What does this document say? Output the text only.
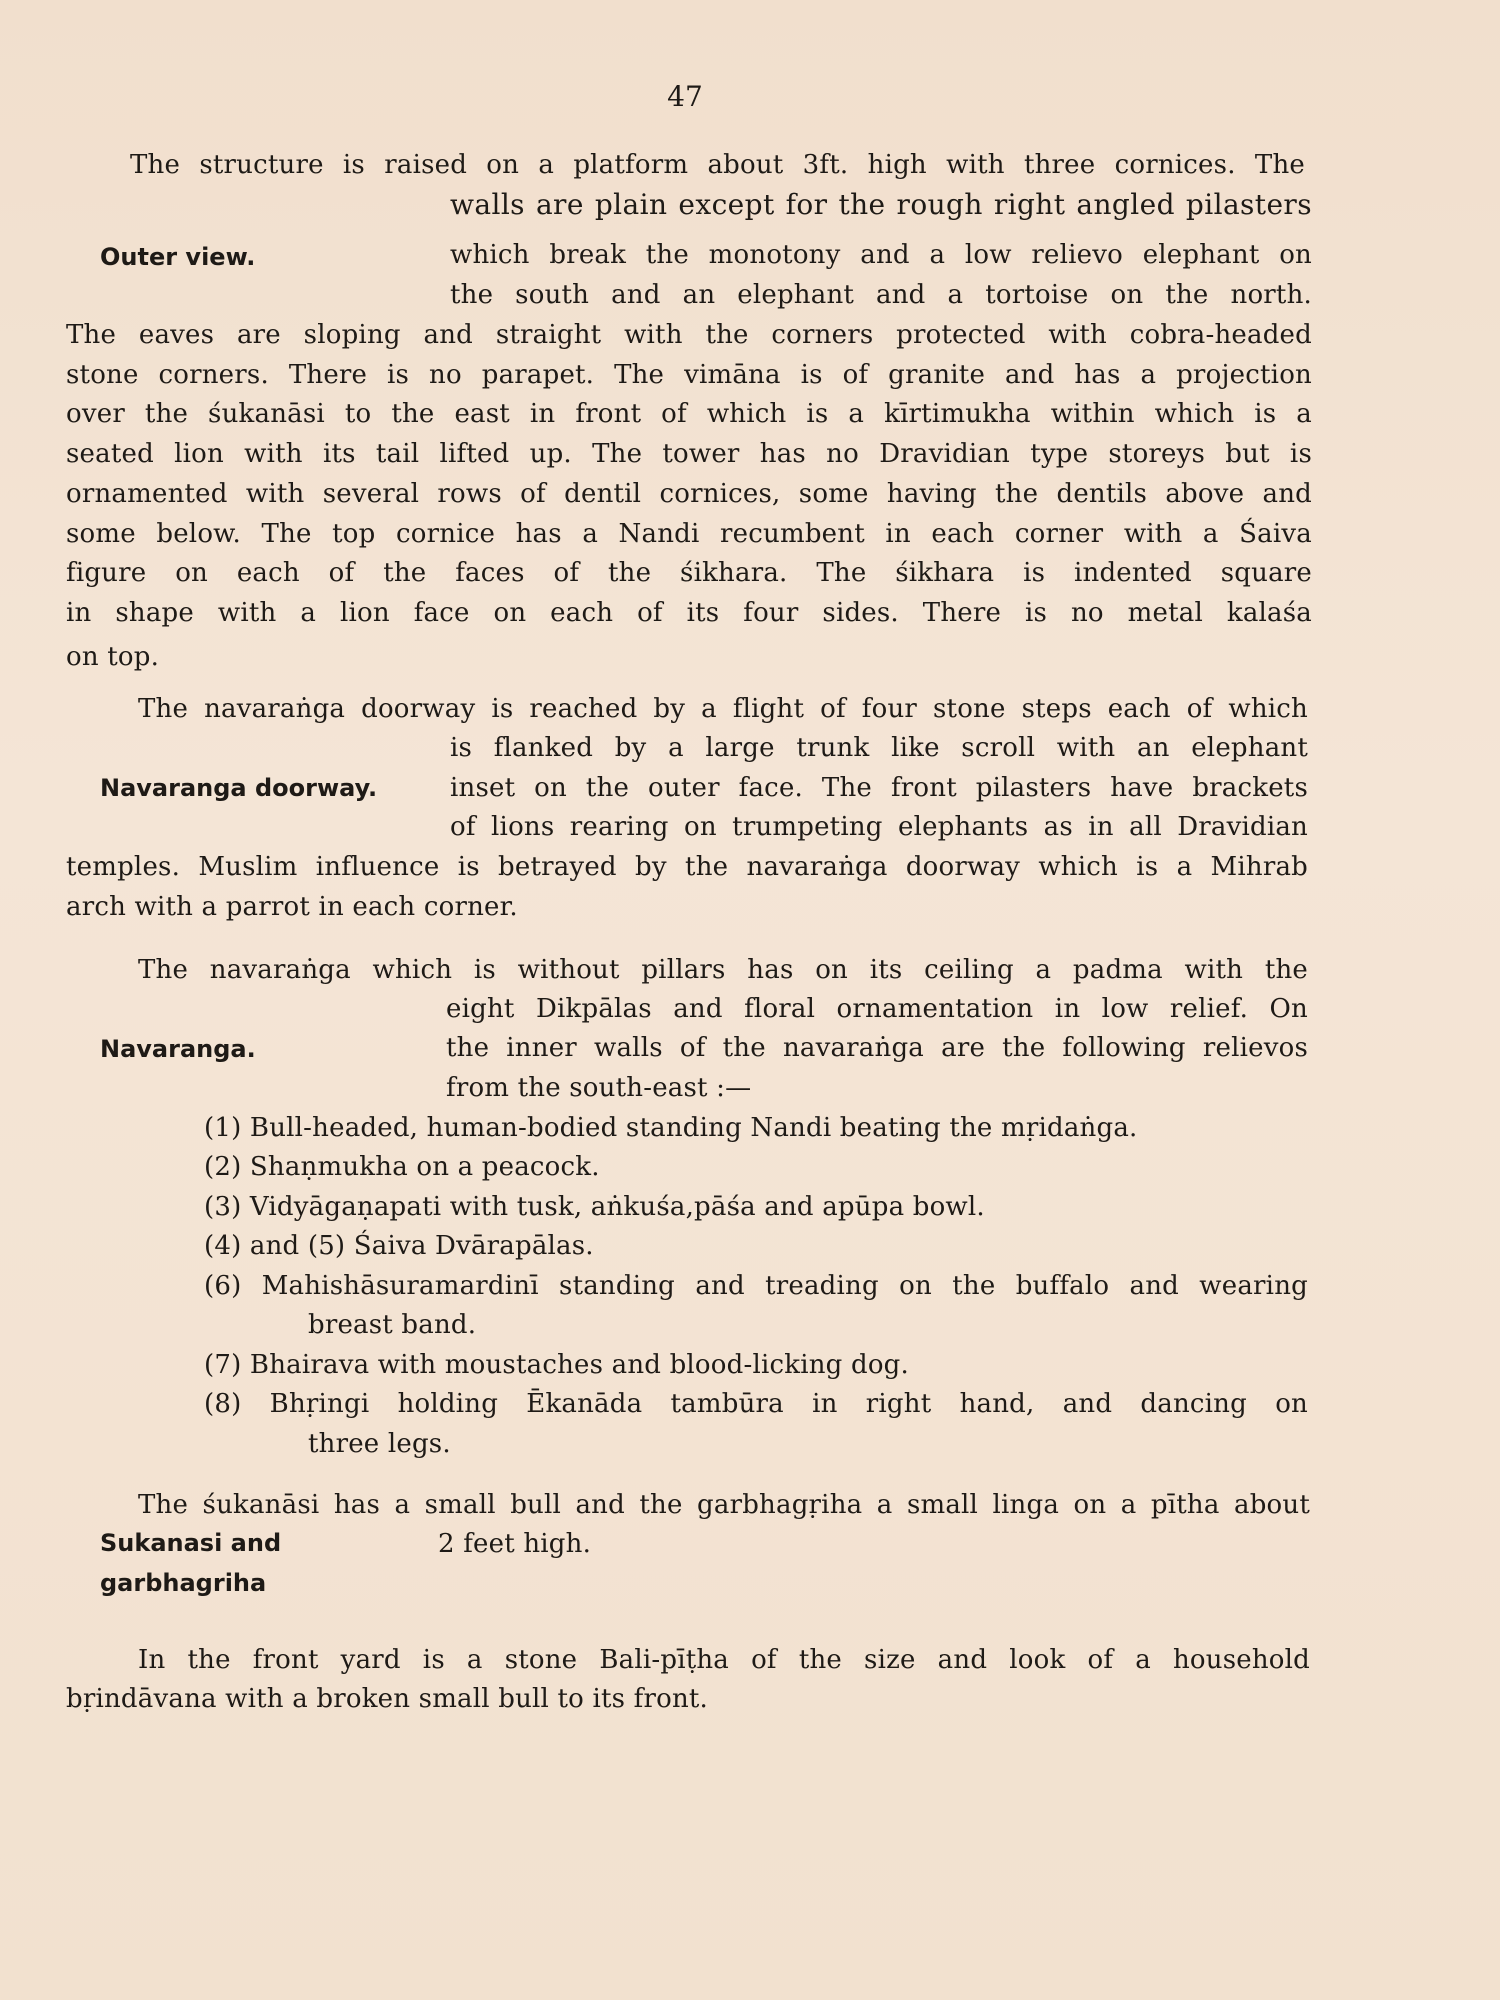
47
The structure is raised on a platform about 3ft. high with three cornices. The
walls are plain except for the rough right angled pilasters
Outer view.	which break the monotony and a low relievo elephant on
the south and an elephant and a tortoise on the north.
The eaves are sloping and straight with the corners protected with cobra-headed
stone corners. There is no parapet. The vimāna is of granite and has a projection
over the śukanāsi to the east in front of which is a kīrtimukha within which is a
seated lion with its tail lifted up. The tower has no Dravidian type storeys but is
ornamented with several rows of dentil cornices, some having the dentils above and
some below. The top cornice has a Nandi recumbent in each corner with a Śaiva
figure on each of the faces of the śikhara. The śikhara is indented square
in shape with a lion face on each of its four sides. There is no metal kalaśa
on top.
The navaraṅga doorway is reached by a flight of four stone steps each of which
is flanked by a large trunk like scroll with an elephant
Navaranga doorway.	inset on the outer face. The front pilasters have brackets
of lions rearing on trumpeting elephants as in all Dravidian
temples. Muslim influence is betrayed by the navaraṅga doorway which is a Mihrab
arch with a parrot in each corner.
The navaraṅga which is without pillars has on its ceiling a padma with the
eight Dikpālas and floral ornamentation in low relief. On
Navaranga.	the inner walls of the navaraṅga are the following relievos
from the south-east :—
(1) Bull-headed, human-bodied standing Nandi beating the mṛidaṅga.
(2) Shaṇmukha on a peacock.
(3) Vidyāgaṇapati with tusk, aṅkuśa,pāśa and apūpa bowl.
(4) and (5) Śaiva Dvārapālas.
(6) Mahishāsuramardinī standing and treading on the buffalo and wearing
breast band.
(7) Bhairava with moustaches and blood-licking dog.
(8) Bhṛingi holding Ēkanāda tambūra in right hand, and dancing on
three legs.
The śukanāsi has a small bull and the garbhagṛiha a small linga on a pītha about
Sukanasi and
garbhagriha
2 feet high.
In the front yard is a stone Bali-pīṭha of the size and look of a household
bṛindāvana with a broken small bull to its front.
